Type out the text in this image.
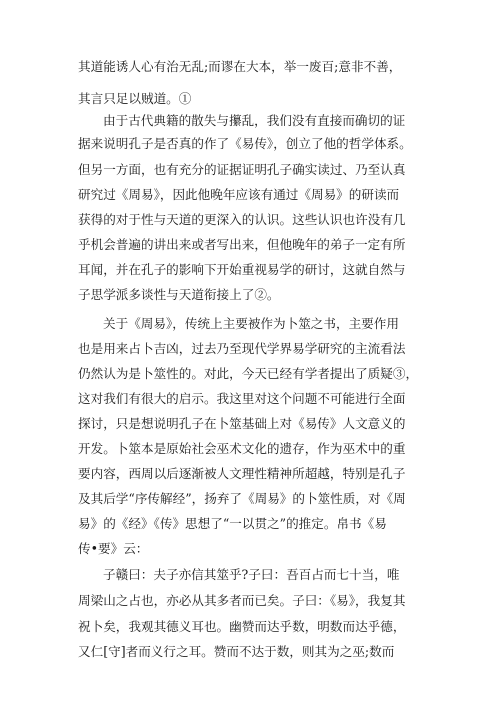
其道能诱人心有治无乱;而谬在大本，举一废百;意非不善，
其言只足以贼道。①
由于古代典籍的散失与攥乱，我们没有直接而确切的证
据来说明孔子是否真的作了《易传》，创立了他的哲学体系。
但另一方面，也有充分的证据证明孔子确实读过、乃至认真
研究过《周易》，因此他晚年应该有通过《周易》的研读而
获得的对于性与天道的更深入的认识。这些认识也许没有几
乎机会普遍的讲出来或者写出来，但他晚年的弟子一定有所
耳闻，并在孔子的影响下开始重视易学的研讨，这就自然与
子思学派多谈性与天道衔接上了②。
关于《周易》，传统上主要被作为卜筮之书，主要作用
也是用来占卜吉凶，过去乃至现代学界易学研究的主流看法
仍然认为是卜筮性的。对此，今天已经有学者提出了质疑③，
这对我们有很大的启示。我这里对这个问题不可能进行全面
探讨，只是想说明孔子在卜筮基础上对《易传》人文意义的
开发。卜筮本是原始社会巫术文化的遗存，作为巫术中的重
要内容，西周以后逐渐被人文理性精神所超越，特别是孔子
及其后学“序传解经”，扬弃了《周易》的卜筮性质，对《周
易》的《经》《传》思想了“一以贯之”的推定。帛书《易
传•要》云：
子赣曰：夫子亦信其筮乎?子曰：吾百占而七十当，唯
周梁山之占也，亦必从其多者而已矣。子曰：《易》，我复其
祝卜矣，我观其德义耳也。幽赞而达乎数，明数而达乎德，
又仁[守]者而义行之耳。赞而不达于数，则其为之巫;数而
